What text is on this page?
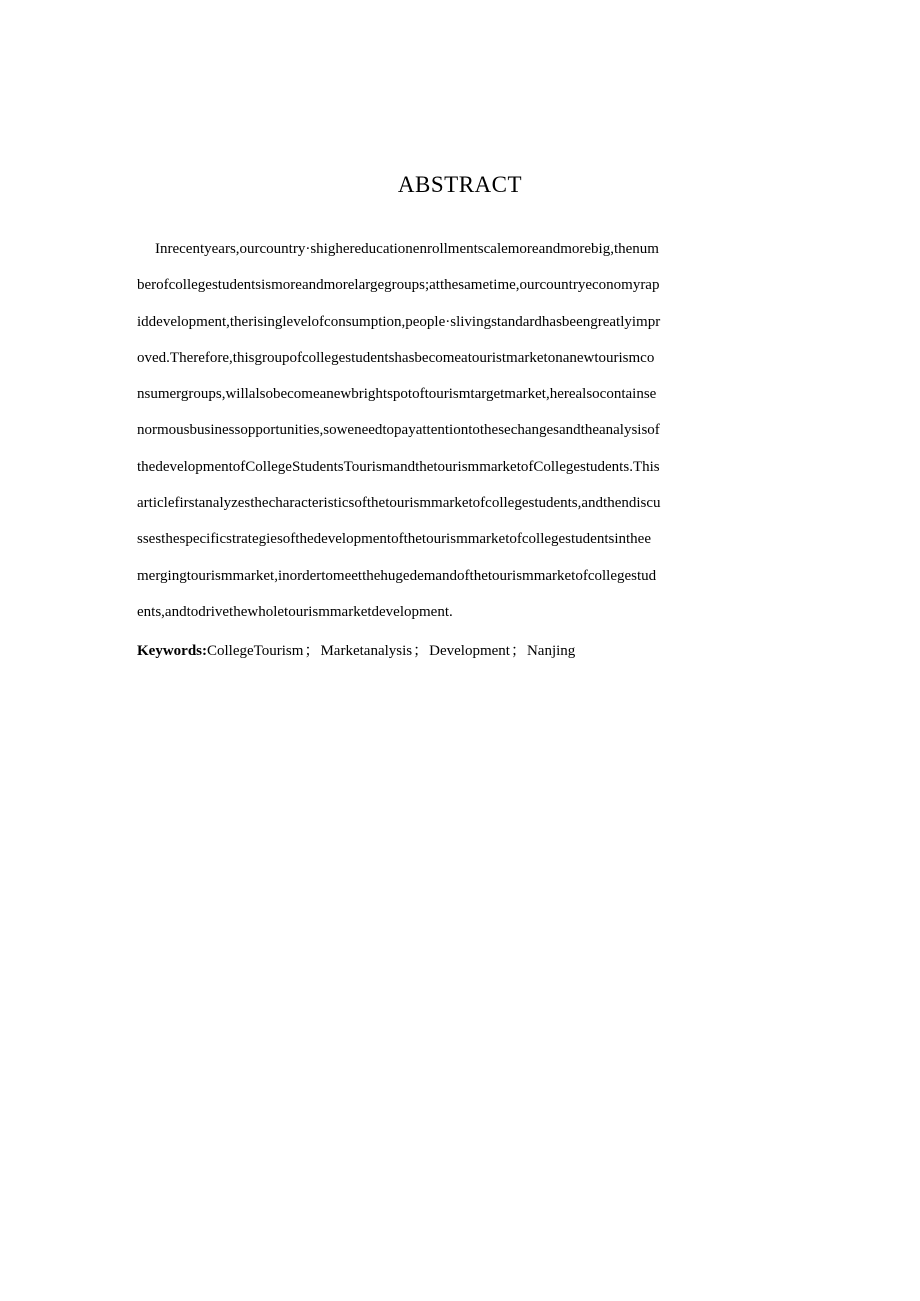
ABSTRACT
Inrecentyears,ourcountry·shighereducationenrollmentscalemoreandmorebig,thenum
berofcollegestudentsismoreandmorelargegroups;atthesametime,ourcountryeconomyrap
iddevelopment,therisinglevelofconsumption,people·slivingstandardhasbeengreatlyimpr
oved.Therefore,thisgroupofcollegestudentshasbecomeatouristmarketonanewtourismco
nsumergroups,willalsobecomeanewbrightspotoftourismtargetmarket,herealsocontainse
normousbusinessopportunities,soweneedtopayattentiontothesechangesandtheanalysisof
thedevelopmentofCollegeStudentsTourismandthetourismmarketofCollegestudents.This
articlefirstanalyzesthecharacteristicsofthetourismmarketofcollegestudents,andthendiscu
ssesthespecificstrategiesofthedevelopmentofthetourismmarketofcollegestudentsinthee
mergingtourismmarket,inordertomeetthehugedemandofthetourismmarketofcollegestud
ents,andtodrivethewholetourismmarketdevelopment.
Keywords:CollegeTourism；Marketanalysis；Development；Nanjing
